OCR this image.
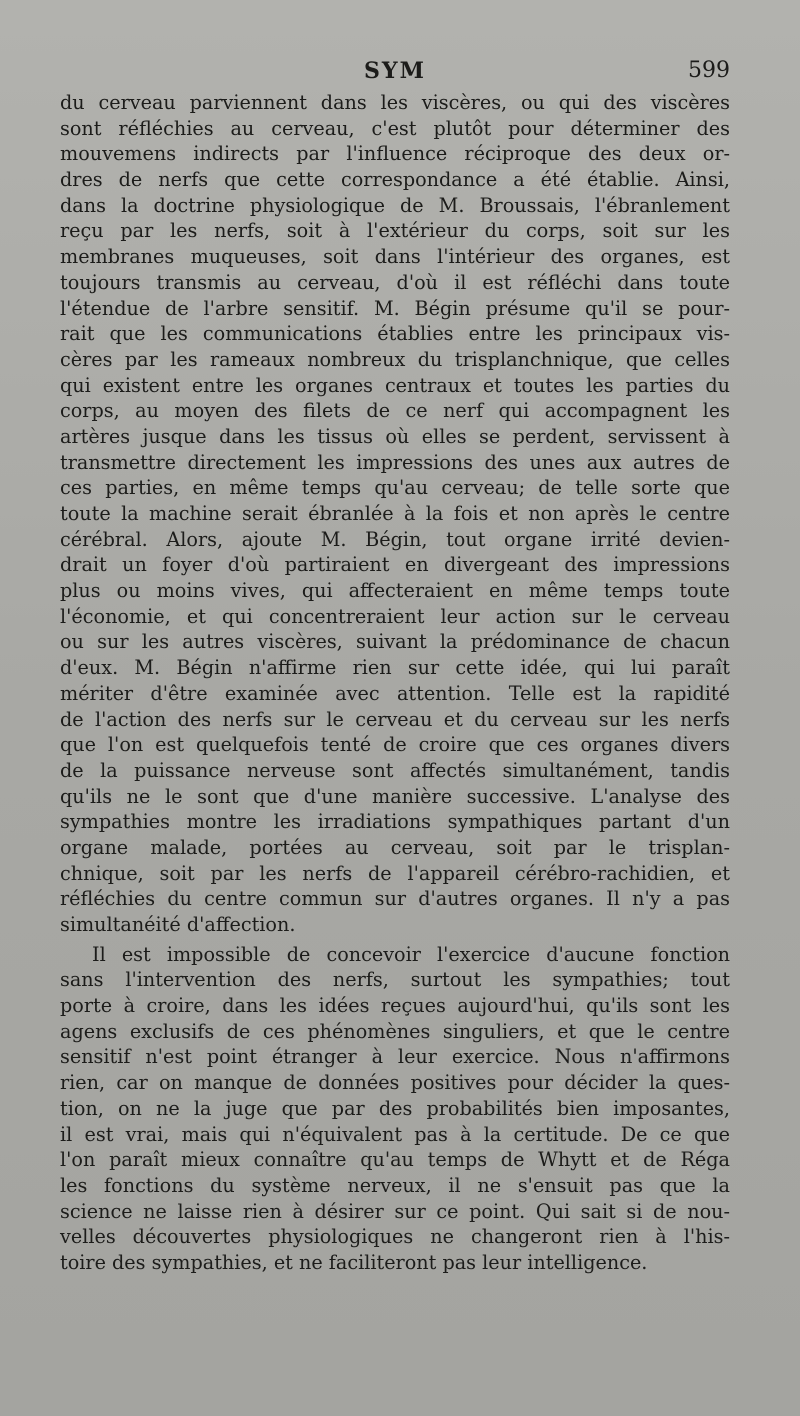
SYM	599
du cerveau parviennent dans les viscères, ou qui des viscères
sont réfléchies au cerveau, c'est plutôt pour déterminer des
mouvemens indirects par l'influence réciproque des deux or-
dres de nerfs que cette correspondance a été établie. Ainsi,
dans la doctrine physiologique de M. Broussais, l'ébranlement
reçu par les nerfs, soit à l'extérieur du corps, soit sur les
membranes muqueuses, soit dans l'intérieur des organes, est
toujours transmis au cerveau, d'où il est réfléchi dans toute
l'étendue de l'arbre sensitif. M. Bégin présume qu'il se pour-
rait que les communications établies entre les principaux vis-
cères par les rameaux nombreux du trisplanchnique, que celles
qui existent entre les organes centraux et toutes les parties du
corps, au moyen des filets de ce nerf qui accompagnent les
artères jusque dans les tissus où elles se perdent, servissent à
transmettre directement les impressions des unes aux autres de
ces parties, en même temps qu'au cerveau; de telle sorte que
toute la machine serait ébranlée à la fois et non après le centre
cérébral. Alors, ajoute M. Bégin, tout organe irrité devien-
drait un foyer d'où partiraient en divergeant des impressions
plus ou moins vives, qui affecteraient en même temps toute
l'économie, et qui concentreraient leur action sur le cerveau
ou sur les autres viscères, suivant la prédominance de chacun
d'eux. M. Bégin n'affirme rien sur cette idée, qui lui paraît
mériter d'être examinée avec attention. Telle est la rapidité
de l'action des nerfs sur le cerveau et du cerveau sur les nerfs
que l'on est quelquefois tenté de croire que ces organes divers
de la puissance nerveuse sont affectés simultanément, tandis
qu'ils ne le sont que d'une manière successive. L'analyse des
sympathies montre les irradiations sympathiques partant d'un
organe malade, portées au cerveau, soit par le trisplan-
chnique, soit par les nerfs de l'appareil cérébro-rachidien, et
réfléchies du centre commun sur d'autres organes. Il n'y a pas
simultanéité d'affection.
Il est impossible de concevoir l'exercice d'aucune fonction
sans l'intervention des nerfs, surtout les sympathies; tout
porte à croire, dans les idées reçues aujourd'hui, qu'ils sont les
agens exclusifs de ces phénomènes singuliers, et que le centre
sensitif n'est point étranger à leur exercice. Nous n'affirmons
rien, car on manque de données positives pour décider la ques-
tion, on ne la juge que par des probabilités bien imposantes,
il est vrai, mais qui n'équivalent pas à la certitude. De ce que
l'on paraît mieux connaître qu'au temps de Whytt et de Réga
les fonctions du système nerveux, il ne s'ensuit pas que la
science ne laisse rien à désirer sur ce point. Qui sait si de nou-
velles découvertes physiologiques ne changeront rien à l'his-
toire des sympathies, et ne faciliteront pas leur intelligence.
